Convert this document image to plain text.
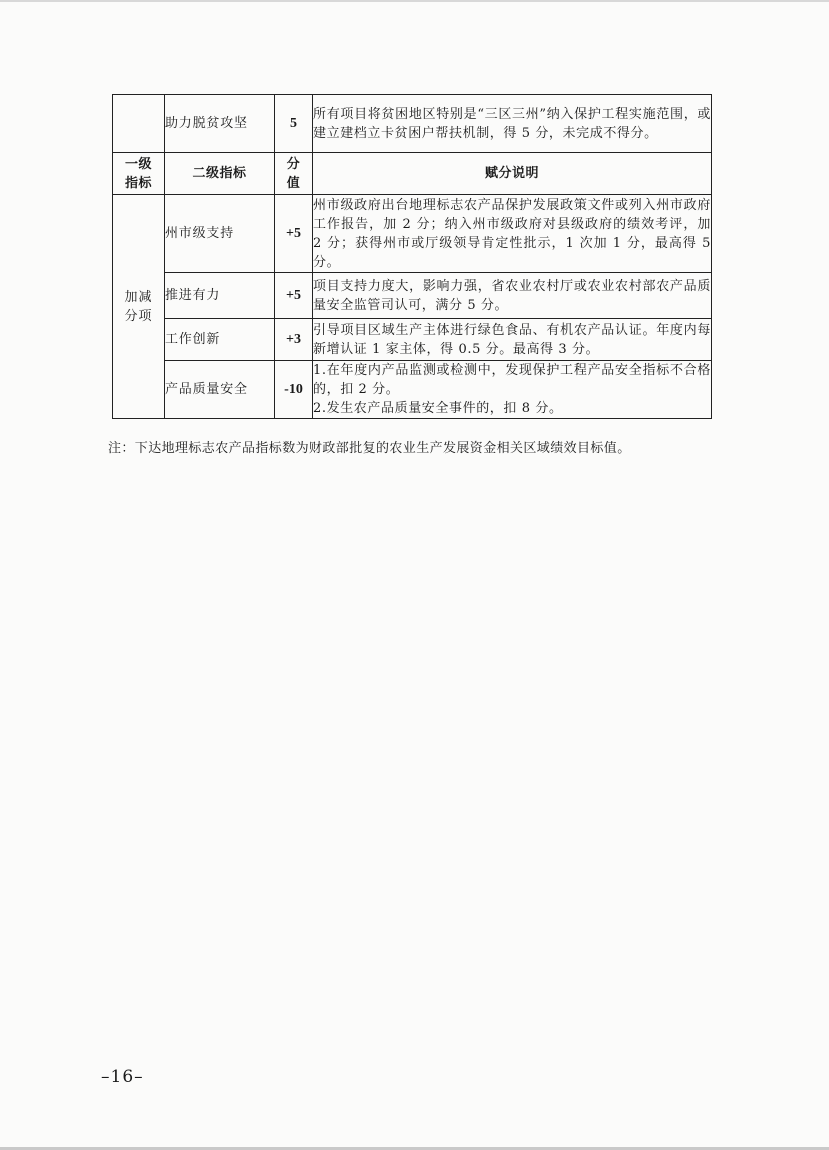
	助力脱贫攻坚	5	所有项目将贫困地区特别是“三区三州”纳入保护工程实施范围，或建立建档立卡贫困户帮扶机制，得 5 分，未完成不得分。
一级指标	二级指标	分值	赋分说明
加减分项	州市级支持	+5	州市级政府出台地理标志农产品保护发展政策文件或列入州市政府工作报告，加 2 分；纳入州市级政府对县级政府的绩效考评，加 2 分；获得州市或厅级领导肯定性批示，1 次加 1 分，最高得 5 分。
	推进有力	+5	项目支持力度大，影响力强，省农业农村厅或农业农村部农产品质量安全监管司认可，满分 5 分。
	工作创新	+3	引导项目区域生产主体进行绿色食品、有机农产品认证。年度内每新增认证 1 家主体，得 0.5 分。最高得 3 分。
	产品质量安全	-10	1.在年度内产品监测或检测中，发现保护工程产品安全指标不合格的，扣 2 分。
2.发生农产品质量安全事件的，扣 8 分。
注：下达地理标志农产品指标数为财政部批复的农业生产发展资金相关区域绩效目标值。
–16–
